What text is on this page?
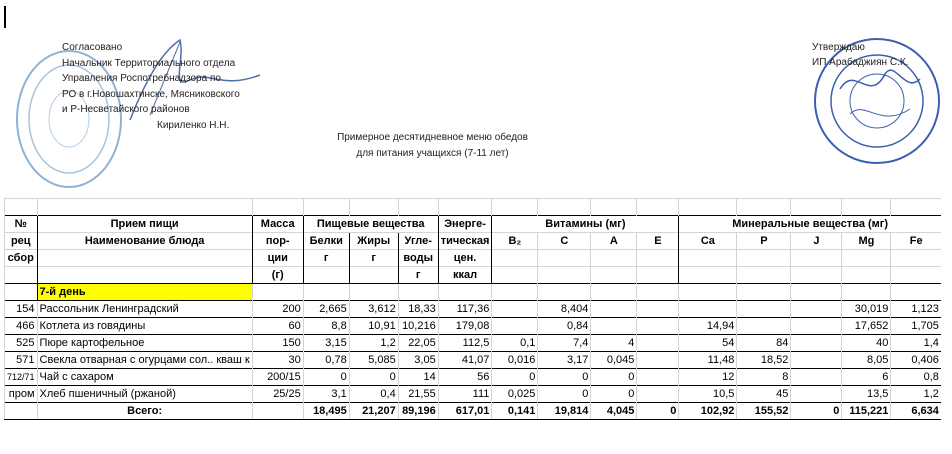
Согласовано
Начальник Территориального отдела
Управления Роспотребнадзора по
РО в г.Новошахтинске, Мясниковского
и Р-Несветайского районов
Кириленко Н.Н.
Утверждаю
ИП Арабаджиян С.К.
Примерное десятидневное меню обедов
для питания учащихся (7-11 лет)

№	Прием пищи	Масса	Пищевые вещества			Энерге-	Витамины (мг)				Минеральные вещества (мг)				
рец	Наименование блюда	пор-	Белки	Жиры	Угле-	тическая	B₂	C	A	E	Ca	P	J	Mg	Fe
сбор		ции	г	г	воды	цен.									
		(г)			г	ккал									
	7-й день														
154	Рассольник Ленинградский	200	2,665	3,612	18,33	117,36		8,404						30,019	1,123
466	Котлета из говядины	60	8,8	10,91	10,216	179,08		0,84			14,94			17,652	1,705
525	Пюре картофельное	150	3,15	1,2	22,05	112,5	0,1	7,4	4		54	84		40	1,4
571	Свекла отварная с огурцами сол.. кваш к	30	0,78	5,085	3,05	41,07	0,016	3,17	0,045		11,48	18,52		8,05	0,406
712/71	Чай с сахаром	200/15	0	0	14	56	0	0	0		12	8		6	0,8
пром	Хлеб пшеничный (ржаной)	25/25	3,1	0,4	21,55	111	0,025	0	0		10,5	45		13,5	1,2
	Всего:		18,495	21,207	89,196	617,01	0,141	19,814	4,045	0	102,92	155,52	0	115,221	6,634
